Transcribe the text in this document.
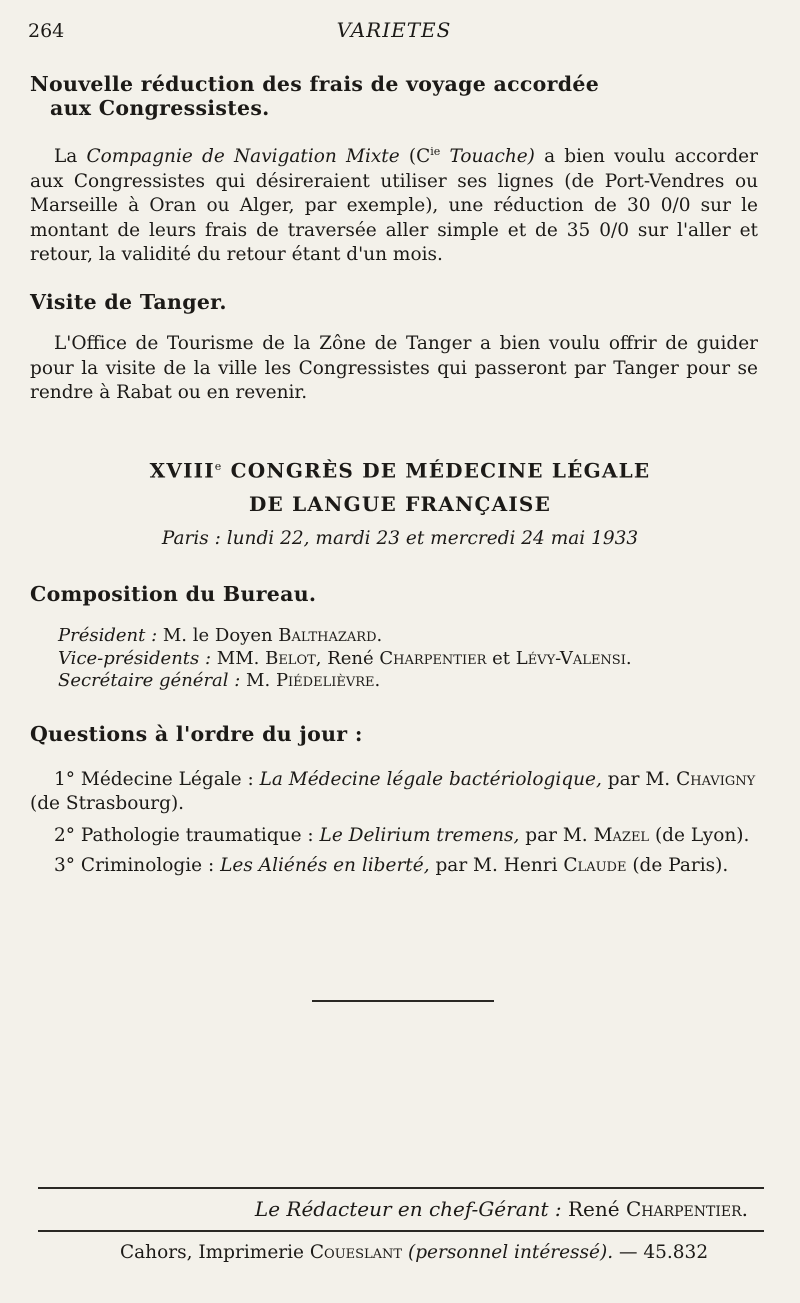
264	VARIETES
Nouvelle réduction des frais de voyage accordée
aux Congressistes.

La Compagnie de Navigation Mixte ($C^{ie}$ Touache) a bien voulu accorder aux Congressistes qui désireraient utiliser ses lignes (de Port-Vendres ou Marseille à Oran ou Alger, par exemple), une réduction de 30 0/0 sur le montant de leurs frais de traversée aller simple et de 35 0/0 sur l'aller et retour, la validité du retour étant d'un mois.

Visite de Tanger.

L'Office de Tourisme de la Zône de Tanger a bien voulu offrir de guider pour la visite de la ville les Congressistes qui passeront par Tanger pour se rendre à Rabat ou en revenir.

XVIIIe CONGRÈS DE MÉDECINE LÉGALE
DE LANGUE FRANÇAISE

Paris : lundi 22, mardi 23 et mercredi 24 mai 1933

Composition du Bureau.
Président : M. le Doyen Balthazard.
Vice-présidents : MM. Belot, René Charpentier et Lévy-Valensi.
Secrétaire général : M. Piédelièvre.
Questions à l'ordre du jour :
1° Médecine Légale : La Médecine légale bactériologique, par M. Chavigny
(de Strasbourg).
2° Pathologie traumatique : Le Delirium tremens, par M. Mazel (de Lyon).
3° Criminologie : Les Aliénés en liberté, par M. Henri Claude (de Paris).
Le Rédacteur en chef-Gérant : René Charpentier.
Cahors, Imprimerie Coueslant (personnel intéressé). — 45.832
